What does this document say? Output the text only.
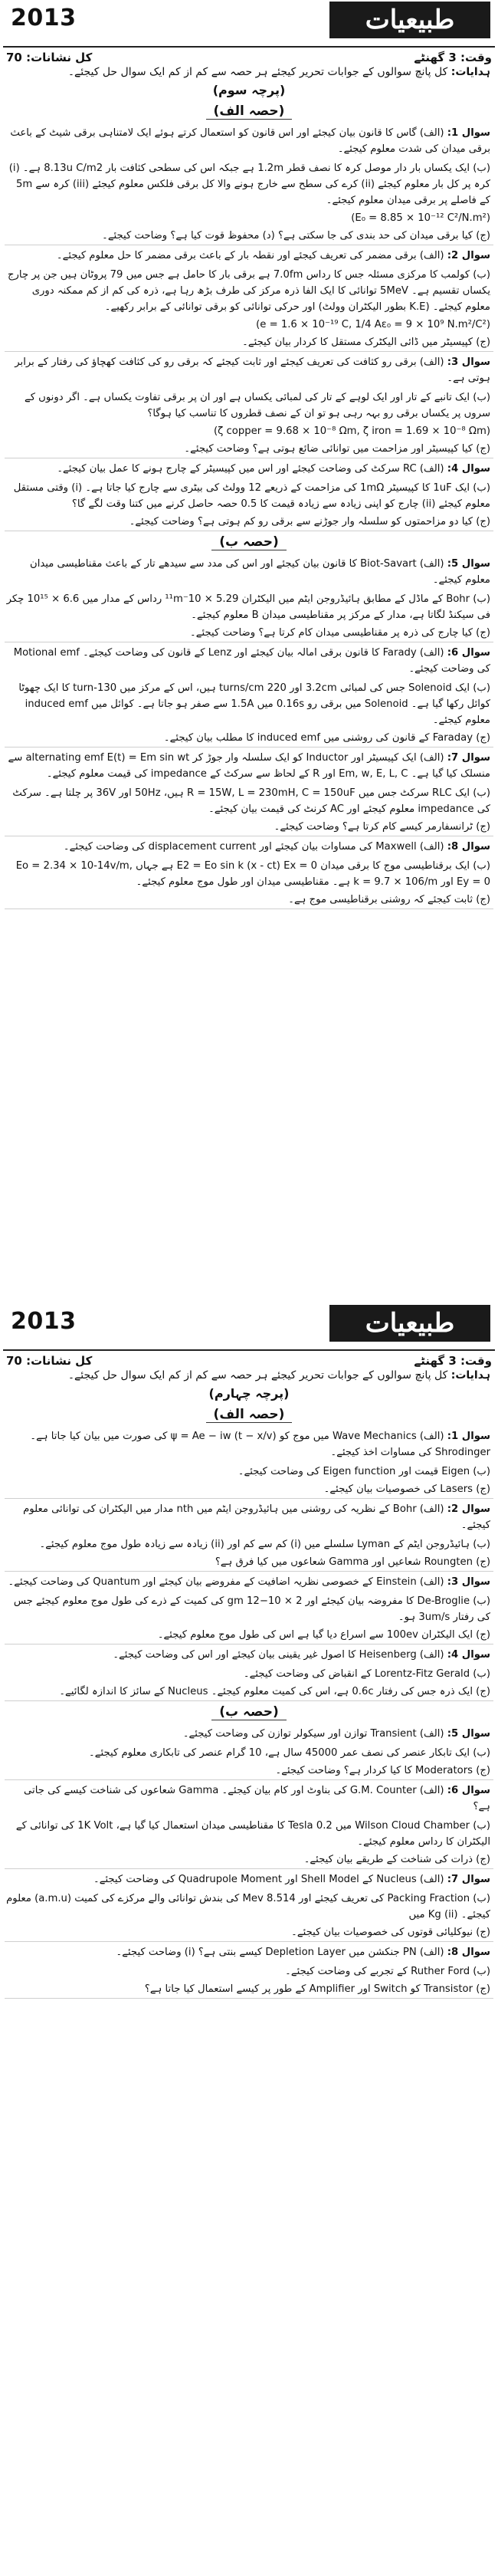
2013	طبیعیات
وقت: 3 گھنٹے
کل نشانات: 70
ہدایات: کل پانچ سوالوں کے جوابات تحریر کیجئے ہر حصہ سے کم از کم ایک سوال حل کیجئے۔
(پرچہ سوم)
(حصہ الف)
سوال 1: (الف) گاس کا قانون بیان کیجئے اور اس قانون کو استعمال کرتے ہوئے ایک لامتناہی برقی شیٹ کے باعث برقی میدان کی شدت معلوم کیجئے۔
(ب) ایک یکساں بار دار موصل کرہ کا نصف قطر 1.2m ہے جبکہ اس کی سطحی کثافت بار 8.13u C/m2 ہے۔ (i) کرہ پر کل بار معلوم کیجئے (ii) کرے کی سطح سے خارج ہونے والا کل برقی فلکس معلوم کیجئے (iii) کرہ سے 5m کے فاصلے پر برقی میدان معلوم کیجئے۔
(E₀ = 8.85 × 10⁻¹² C²/N.m²)
(ج) کیا برقی میدان کی حد بندی کی جا سکتی ہے؟ (د) محفوظ قوت کیا ہے؟ وضاحت کیجئے۔
سوال 2: (الف) برقی مضمر کی تعریف کیجئے اور نقطہ بار کے باعث برقی مضمر کا حل معلوم کیجئے۔
(ب) کولمب کا مرکزی مسئلہ جس کا رداس 7.0fm ہے برقی بار کا حامل ہے جس میں 79 پروٹان ہیں جن پر چارج یکساں تقسیم ہے۔ 5MeV توانائی کا ایک الفا ذرہ مرکز کی طرف بڑھ رہا ہے، ذرہ کی کم از کم ممکنہ دوری معلوم کیجئے۔ (K.E بطور الیکٹران وولٹ) اور حرکی توانائی کو برقی توانائی کے برابر رکھیے۔
(e = 1.6 × 10⁻¹⁹ C, 1/4 Aε₀ = 9 × 10⁹ N.m²/C²)
(ج) کپیسیٹر میں ڈائی الیکٹرک مستقل کا کردار بیان کیجئے۔
سوال 3: (الف) برقی رو کثافت کی تعریف کیجئے اور ثابت کیجئے کہ برقی رو کی کثافت کھچاؤ کی رفتار کے برابر ہوتی ہے۔
(ب) ایک تانبے کے تار اور ایک لوہے کے تار کی لمبائی یکساں ہے اور ان پر برقی تفاوت یکساں ہے۔ اگر دونوں کے سروں پر یکساں برقی رو بہہ رہی ہو تو ان کے نصف قطروں کا تناسب کیا ہوگا؟
(ζ copper = 9.68 × 10⁻⁸ Ωm, ζ iron = 1.69 × 10⁻⁸ Ωm)
(ج) کیا کپیسیٹر اور مزاحمت میں توانائی ضائع ہوتی ہے؟ وضاحت کیجئے۔
سوال 4: (الف) RC سرکٹ کی وضاحت کیجئے اور اس میں کپیسیٹر کے چارج ہونے کا عمل بیان کیجئے۔
(ب) ایک 1uF کا کپیسیٹر 1mΩ کی مزاحمت کے ذریعے 12 وولٹ کی بیٹری سے چارج کیا جاتا ہے۔ (i) وقتی مستقل معلوم کیجئے (ii) چارج کو اپنی زیادہ سے زیادہ قیمت کا 0.5 حصہ حاصل کرنے میں کتنا وقت لگے گا؟
(ج) کیا دو مزاحمتوں کو سلسلہ وار جوڑنے سے برقی رو کم ہوتی ہے؟ وضاحت کیجئے۔
(حصہ ب)
سوال 5: (الف) Biot-Savart کا قانون بیان کیجئے اور اس کی مدد سے سیدھے تار کے باعث مقناطیسی میدان معلوم کیجئے۔
(ب) Bohr کے ماڈل کے مطابق ہائیڈروجن ایٹم میں الیکٹران 5.29 × 10⁻¹¹m رداس کے مدار میں 6.6 × 10¹⁵ چکر فی سیکنڈ لگاتا ہے، مدار کے مرکز پر مقناطیسی میدان B معلوم کیجئے۔
(ج) کیا چارج کی ذرہ پر مقناطیسی میدان کام کرتا ہے؟ وضاحت کیجئے۔
سوال 6: (الف) Farady کا قانون برقی امالہ بیان کیجئے اور Lenz کے قانون کی وضاحت کیجئے۔ Motional emf کی وضاحت کیجئے۔
(ب) ایک Solenoid جس کی لمبائی 3.2cm اور 220 turns/cm ہیں، اس کے مرکز میں 130-turn کا ایک چھوٹا کوائل رکھا گیا ہے۔ Solenoid میں برقی رو 0.16s میں 1.5A سے صفر ہو جاتا ہے۔ کوائل میں induced emf معلوم کیجئے۔
(ج) Faraday کے قانون کی روشنی میں induced emf کا مطلب بیان کیجئے۔
سوال 7: (الف) ایک کپیسیٹر اور Inductor کو ایک سلسلہ وار جوڑ کر alternating emf E(t) = Em sin wt سے منسلک کیا گیا ہے۔ Em, w, E, L, C اور R کے لحاظ سے سرکٹ کے impedance کی قیمت معلوم کیجئے۔
(ب) ایک RLC سرکٹ جس میں R = 15W, L = 230mH, C = 150uF ہیں، 50Hz اور 36V پر چلتا ہے۔ سرکٹ کی impedance معلوم کیجئے اور AC کرنٹ کی قیمت بیان کیجئے۔
(ج) ٹرانسفارمر کیسے کام کرتا ہے؟ وضاحت کیجئے۔
سوال 8: (الف) Maxwell کی مساوات بیان کیجئے اور displacement current کی وضاحت کیجئے۔
(ب) ایک برقناطیسی موج کا برقی میدان E2 = Eo sin k (x - ct) Ex = 0 ہے جہاں Eo = 2.34 × 10-14v/m, Ey = 0 اور k = 9.7 × 106/m ہے۔ مقناطیسی میدان اور طول موج معلوم کیجئے۔
(ج) ثابت کیجئے کہ روشنی برقناطیسی موج ہے۔
2013	طبیعیات
وقت: 3 گھنٹے
کل نشانات: 70
ہدایات: کل پانچ سوالوں کے جوابات تحریر کیجئے ہر حصہ سے کم از کم ایک سوال حل کیجئے۔
(پرچہ چہارم)
(حصہ الف)
سوال 1: (الف) Wave Mechanics میں موج کو ψ = Ae − iw (t − x/v) کی صورت میں بیان کیا جاتا ہے۔ Shrodinger کی مساوات اخذ کیجئے۔
(ب) Eigen قیمت اور Eigen function کی وضاحت کیجئے۔
(ج) Lasers کی خصوصیات بیان کیجئے۔
سوال 2: (الف) Bohr کے نظریہ کی روشنی میں ہائیڈروجن ایٹم میں nth مدار میں الیکٹران کی توانائی معلوم کیجئے۔
(ب) ہائیڈروجن ایٹم کے Lyman سلسلے میں (i) کم سے کم اور (ii) زیادہ سے زیادہ طول موج معلوم کیجئے۔
(ج) Roungten شعاعیں اور Gamma شعاعوں میں کیا فرق ہے؟
سوال 3: (الف) Einstein کے خصوصی نظریہ اضافیت کے مفروضے بیان کیجئے اور Quantum کی وضاحت کیجئے۔
(ب) De-Broglie کا مفروضہ بیان کیجئے اور 2 × 10−12 gm کی کمیت کے ذرے کی طول موج معلوم کیجئے جس کی رفتار 3um/s ہو۔
(ج) ایک الیکٹران 100ev سے اسراع دیا گیا ہے اس کی طول موج معلوم کیجئے۔
سوال 4: (الف) Heisenberg کا اصول غیر یقینی بیان کیجئے اور اس کی وضاحت کیجئے۔
(ب) Lorentz-Fitz Gerald کے انقباض کی وضاحت کیجئے۔
(ج) ایک ذرہ جس کی رفتار 0.6c ہے، اس کی کمیت معلوم کیجئے۔ Nucleus کے سائز کا اندازہ لگائیے۔
(حصہ ب)
سوال 5: (الف) Transient توازن اور سیکولر توازن کی وضاحت کیجئے۔
(ب) ایک تابکار عنصر کی نصف عمر 45000 سال ہے، 10 گرام عنصر کی تابکاری معلوم کیجئے۔
(ج) Moderators کا کیا کردار ہے؟ وضاحت کیجئے۔
سوال 6: (الف) G.M. Counter کی بناوٹ اور کام بیان کیجئے۔ Gamma شعاعوں کی شناخت کیسے کی جاتی ہے؟
(ب) Wilson Cloud Chamber میں 0.2 Tesla کا مقناطیسی میدان استعمال کیا گیا ہے، 1K Volt کی توانائی کے الیکٹران کا رداس معلوم کیجئے۔
(ج) ذرات کی شناخت کے طریقے بیان کیجئے۔
سوال 7: (الف) Nucleus کے Shell Model اور Quadrupole Moment کی وضاحت کیجئے۔
(ب) Packing Fraction کی تعریف کیجئے اور 8.514 Mev کی بندش توانائی والے مرکزے کی کمیت (a.m.u) معلوم کیجئے۔ Kg (ii) میں
(ج) نیوکلیائی قوتوں کی خصوصیات بیان کیجئے۔
سوال 8: (الف) PN جنکشن میں Depletion Layer کیسے بنتی ہے؟ (i) وضاحت کیجئے۔
(ب) Ruther Ford کے تجربے کی وضاحت کیجئے۔
(ج) Transistor کو Switch اور Amplifier کے طور پر کیسے استعمال کیا جاتا ہے؟
